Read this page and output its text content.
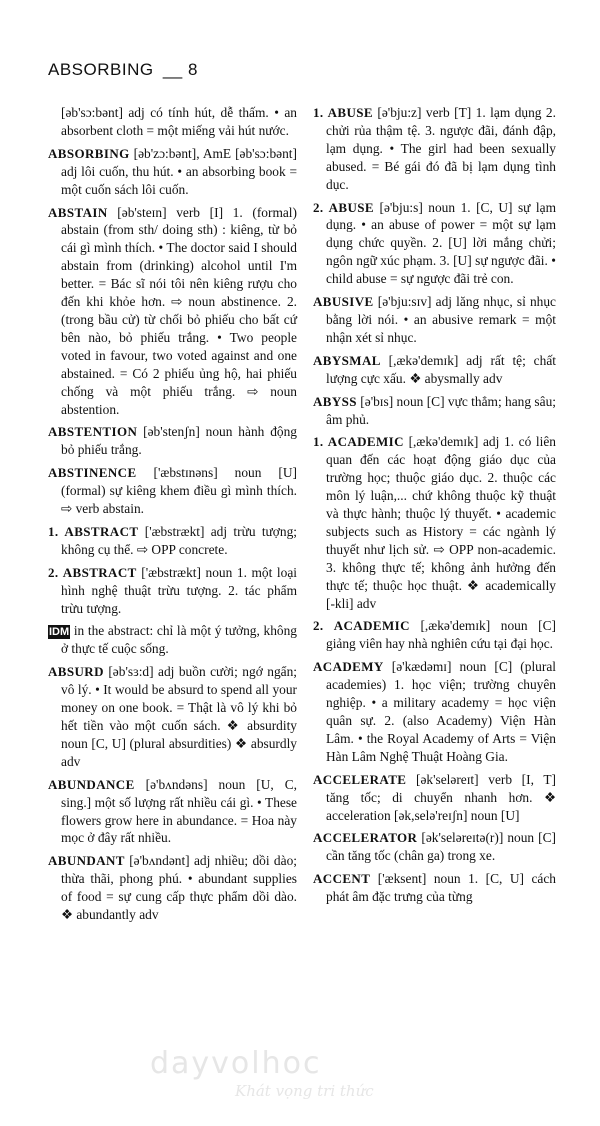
ABSORBING __ 8

[əb'sɔ:bənt] adj có tính hút, dễ thấm. • an absorbent cloth = một miếng vải hút nước.

ABSORBING [əb'zɔ:bənt], AmE [əb'sɔ:bənt] adj lôi cuốn, thu hút. • an absorbing book = một cuốn sách lôi cuốn.

ABSTAIN [əb'steɪn] verb [I] 1. (formal) abstain (from sth/ doing sth) : kiêng, từ bỏ cái gì mình thích. • The doctor said I should abstain from (drinking) alcohol until I'm better. = Bác sĩ nói tôi nên kiêng rượu cho đến khi khỏe hơn. ⇨ noun abstinence. 2. (trong bầu cử) từ chối bỏ phiếu cho bất cứ bên nào, bỏ phiếu trắng. • Two people voted in favour, two voted against and one abstained. = Có 2 phiếu ủng hộ, hai phiếu chống và một phiếu trắng. ⇨ noun abstention.

ABSTENTION [əb'stenʃn] noun hành động bỏ phiếu trắng.

ABSTINENCE ['æbstɪnəns] noun [U] (formal) sự kiêng khem điều gì mình thích. ⇨ verb abstain.

1. ABSTRACT ['æbstrækt] adj trừu tượng; không cụ thể. ⇨ OPP concrete.

2. ABSTRACT ['æbstrækt] noun 1. một loại hình nghệ thuật trừu tượng. 2. tác phẩm trừu tượng.

IDM in the abstract: chỉ là một ý tưởng, không ở thực tế cuộc sống.

ABSURD [əb'sɜ:d] adj buồn cười; ngớ ngẩn; vô lý. • It would be absurd to spend all your money on one book. = Thật là vô lý khi bỏ hết tiền vào một cuốn sách. ❖ absurdity noun [C, U] (plural absurdities) ❖ absurdly adv

ABUNDANCE [ə'bʌndəns] noun [U, C, sing.] một số lượng rất nhiều cái gì. • These flowers grow here in abundance. = Hoa này mọc ở đây rất nhiều.

ABUNDANT [ə'bʌndənt] adj nhiều; dồi dào; thừa thãi, phong phú. • abundant supplies of food = sự cung cấp thực phẩm dồi dào. ❖ abundantly adv

1. ABUSE [ə'bju:z] verb [T] 1. lạm dụng 2. chửi rủa thậm tệ. 3. ngược đãi, đánh đập, lạm dụng. • The girl had been sexually abused. = Bé gái đó đã bị lạm dụng tình dục.

2. ABUSE [ə'bju:s] noun 1. [C, U] sự lạm dụng. • an abuse of power = một sự lạm dụng chức quyền. 2. [U] lời mắng chửi; ngôn ngữ xúc phạm. 3. [U] sự ngược đãi. • child abuse = sự ngược đãi trẻ con.

ABUSIVE [ə'bju:sɪv] adj lăng nhục, sỉ nhục bằng lời nói. • an abusive remark = một nhận xét sỉ nhục.

ABYSMAL [,ækə'demɪk] adj rất tệ; chất lượng cực xấu. ❖ abysmally adv

ABYSS [ə'bɪs] noun [C] vực thẳm; hang sâu; âm phủ.

1. ACADEMIC [,ækə'demɪk] adj 1. có liên quan đến các hoạt động giáo dục của trường học; thuộc giáo dục. 2. thuộc các môn lý luận,... chứ không thuộc kỹ thuật và thực hành; thuộc lý thuyết. • academic subjects such as History = các ngành lý thuyết như lịch sử. ⇨ OPP non-academic. 3. không thực tế; không ảnh hưởng đến thực tế; thuộc học thuật. ❖ academically [-kli] adv

2. ACADEMIC [,ækə'demɪk] noun [C] giảng viên hay nhà nghiên cứu tại đại học.

ACADEMY [ə'kædəmɪ] noun [C] (plural academies) 1. học viện; trường chuyên nghiệp. • a military academy = học viện quân sự. 2. (also Academy) Viện Hàn Lâm. • the Royal Academy of Arts = Viện Hàn Lâm Nghệ Thuật Hoàng Gia.

ACCELERATE [ək'seləreɪt] verb [I, T] tăng tốc; di chuyển nhanh hơn. ❖ acceleration [ək,selə'reɪʃn] noun [U]

ACCELERATOR [ək'seləreɪtə(r)] noun [C] cần tăng tốc (chân ga) trong xe.

ACCENT ['æksent] noun 1. [C, U] cách phát âm đặc trưng của từng

dayvolhoc
Khát vọng tri thức
